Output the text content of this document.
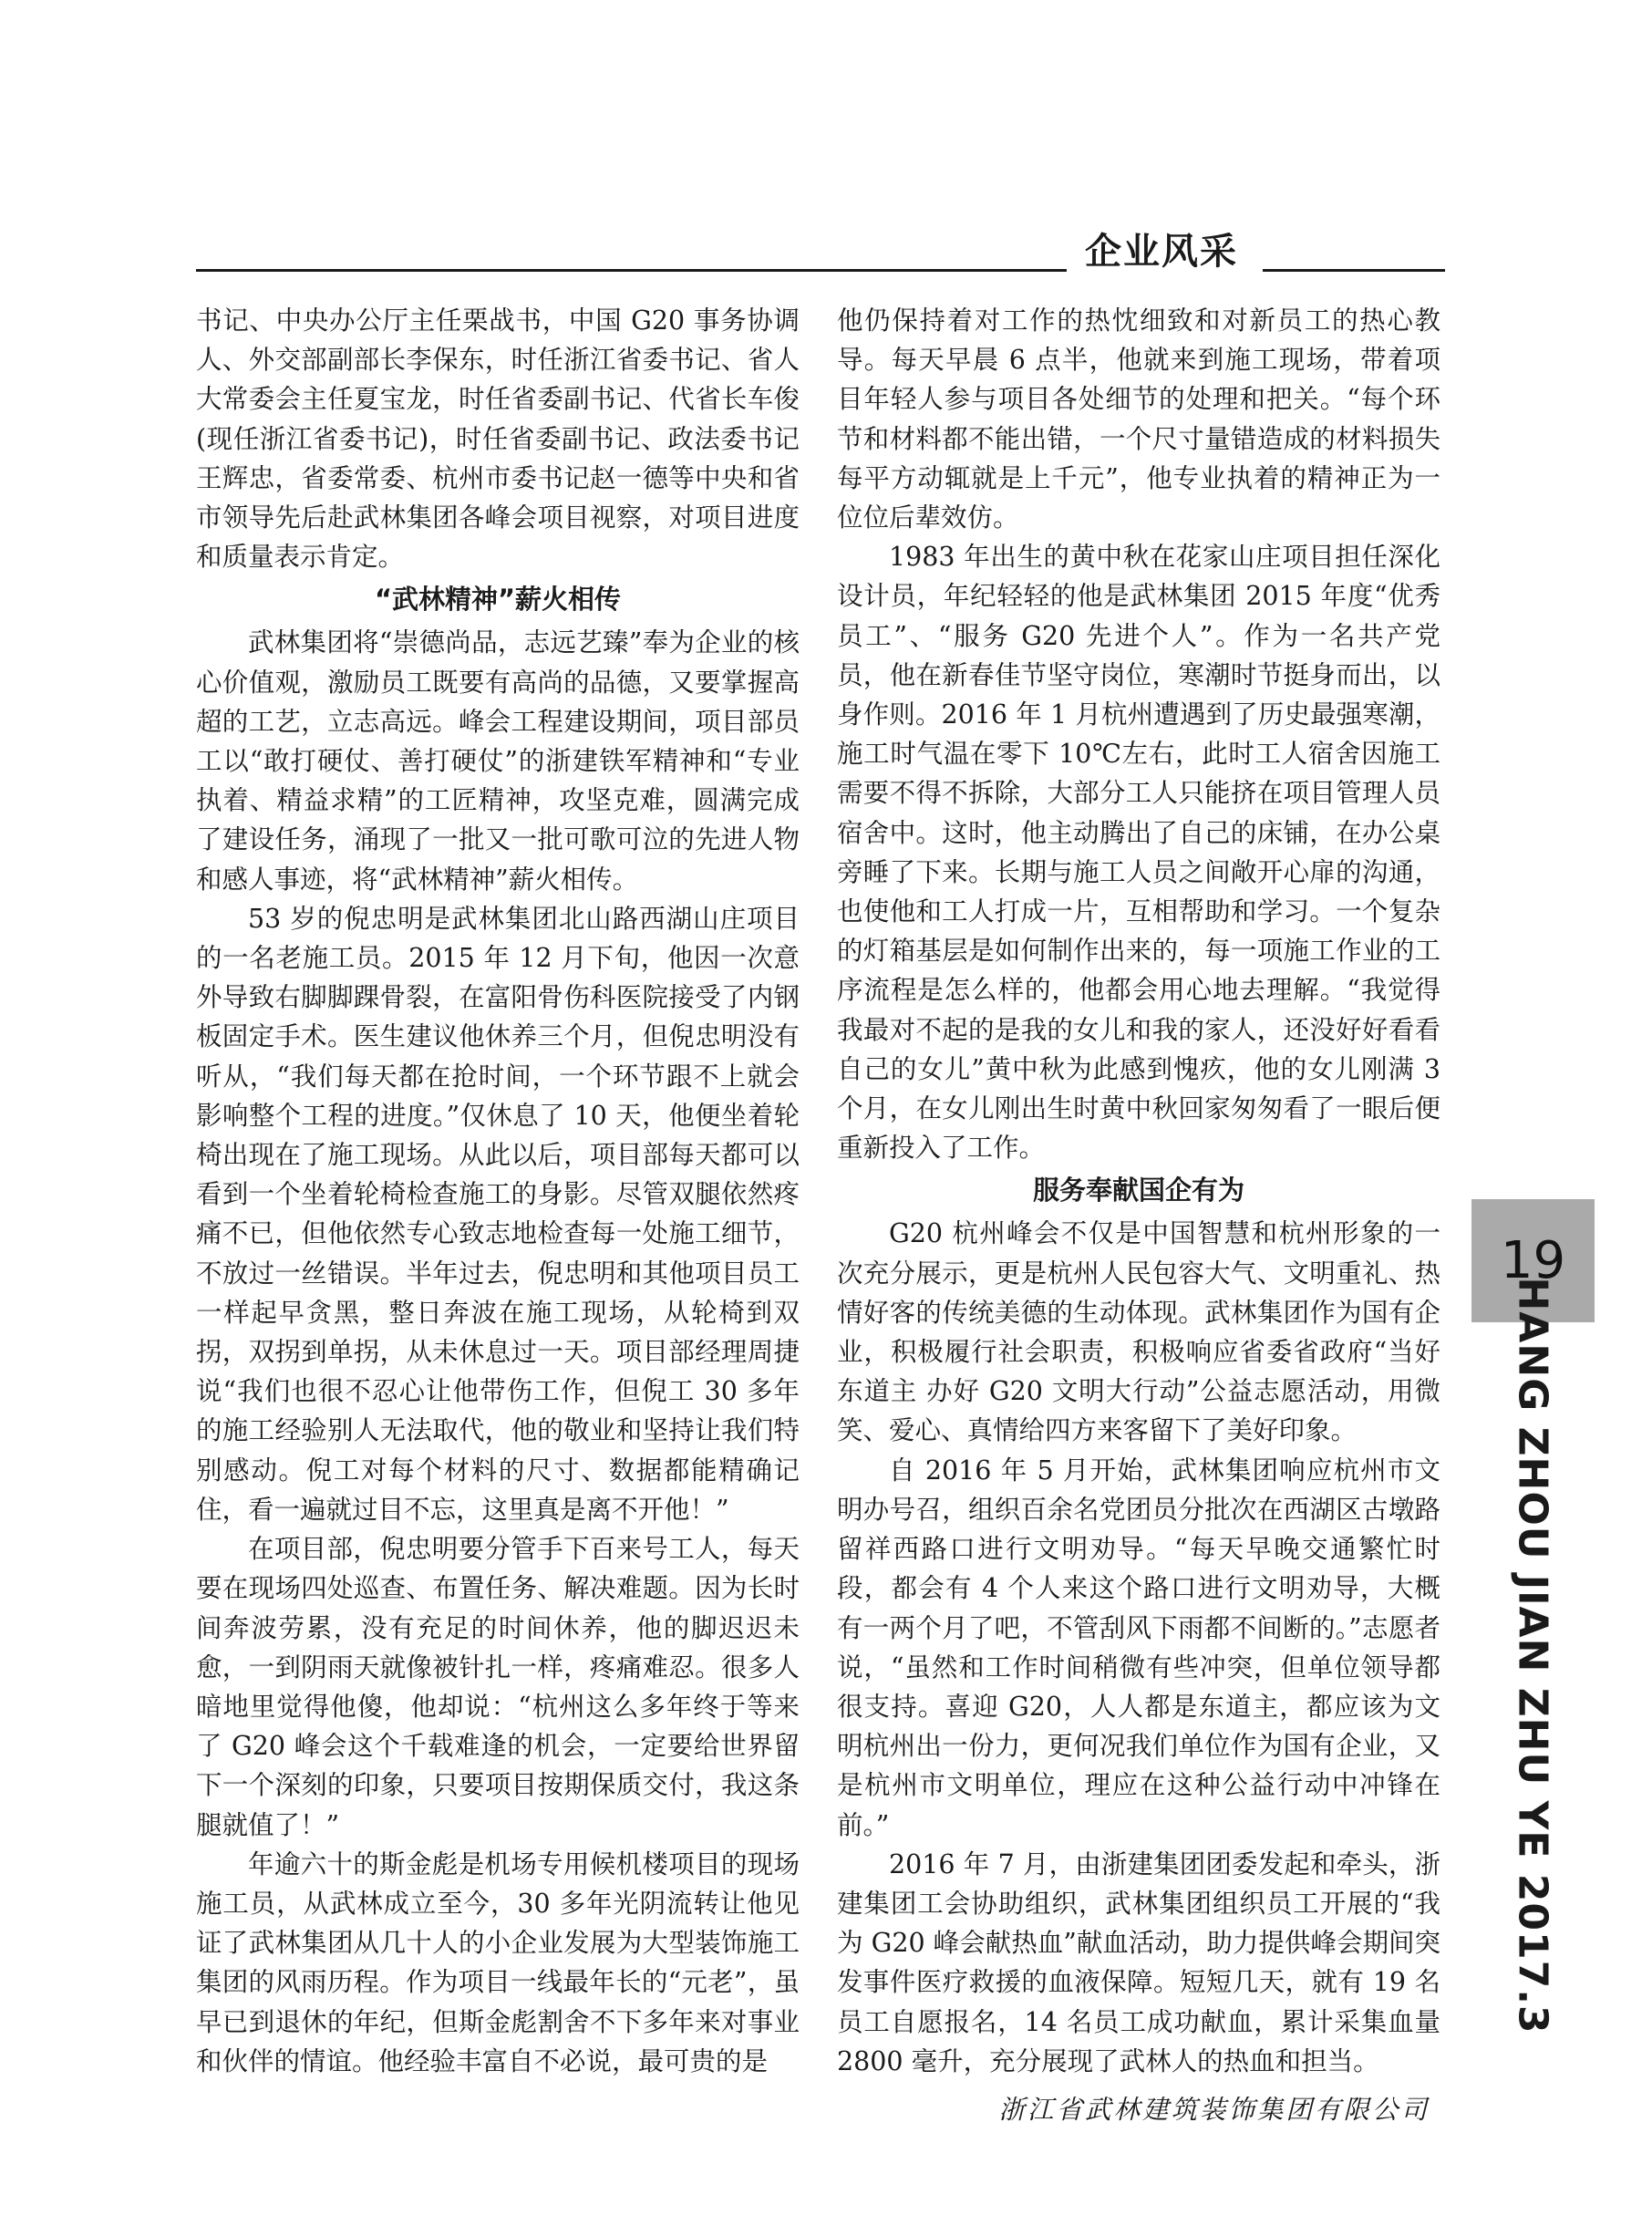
企业风采

书记、中央办公厅主任栗战书，中国 G20 事务协调人、外交部副部长李保东，时任浙江省委书记、省人大常委会主任夏宝龙，时任省委副书记、代省长车俊(现任浙江省委书记)，时任省委副书记、政法委书记王辉忠，省委常委、杭州市委书记赵一德等中央和省市领导先后赴武林集团各峰会项目视察，对项目进度和质量表示肯定。

“武林精神”薪火相传

武林集团将“崇德尚品，志远艺臻”奉为企业的核心价值观，激励员工既要有高尚的品德，又要掌握高超的工艺，立志高远。峰会工程建设期间，项目部员工以“敢打硬仗、善打硬仗”的浙建铁军精神和“专业执着、精益求精”的工匠精神，攻坚克难，圆满完成了建设任务，涌现了一批又一批可歌可泣的先进人物和感人事迹，将“武林精神”薪火相传。

53 岁的倪忠明是武林集团北山路西湖山庄项目的一名老施工员。2015 年 12 月下旬，他因一次意外导致右脚脚踝骨裂，在富阳骨伤科医院接受了内钢板固定手术。医生建议他休养三个月，但倪忠明没有听从，“我们每天都在抢时间，一个环节跟不上就会影响整个工程的进度。”仅休息了 10 天，他便坐着轮椅出现在了施工现场。从此以后，项目部每天都可以看到一个坐着轮椅检查施工的身影。尽管双腿依然疼痛不已，但他依然专心致志地检查每一处施工细节，不放过一丝错误。半年过去，倪忠明和其他项目员工一样起早贪黑，整日奔波在施工现场，从轮椅到双拐，双拐到单拐，从未休息过一天。项目部经理周捷说“我们也很不忍心让他带伤工作，但倪工 30 多年的施工经验别人无法取代，他的敬业和坚持让我们特别感动。倪工对每个材料的尺寸、数据都能精确记住，看一遍就过目不忘，这里真是离不开他！”

在项目部，倪忠明要分管手下百来号工人，每天要在现场四处巡查、布置任务、解决难题。因为长时间奔波劳累，没有充足的时间休养，他的脚迟迟未愈，一到阴雨天就像被针扎一样，疼痛难忍。很多人暗地里觉得他傻，他却说：“杭州这么多年终于等来了 G20 峰会这个千载难逢的机会，一定要给世界留下一个深刻的印象，只要项目按期保质交付，我这条腿就值了！”

年逾六十的斯金彪是机场专用候机楼项目的现场施工员，从武林成立至今，30 多年光阴流转让他见证了武林集团从几十人的小企业发展为大型装饰施工集团的风雨历程。作为项目一线最年长的“元老”，虽早已到退休的年纪，但斯金彪割舍不下多年来对事业和伙伴的情谊。他经验丰富自不必说，最可贵的是

他仍保持着对工作的热忱细致和对新员工的热心教导。每天早晨 6 点半，他就来到施工现场，带着项目年轻人参与项目各处细节的处理和把关。“每个环节和材料都不能出错，一个尺寸量错造成的材料损失每平方动辄就是上千元”，他专业执着的精神正为一位位后辈效仿。

1983 年出生的黄中秋在花家山庄项目担任深化设计员，年纪轻轻的他是武林集团 2015 年度“优秀员工”、“服务 G20 先进个人”。作为一名共产党员，他在新春佳节坚守岗位，寒潮时节挺身而出，以身作则。2016 年 1 月杭州遭遇到了历史最强寒潮，施工时气温在零下 10℃左右，此时工人宿舍因施工需要不得不拆除，大部分工人只能挤在项目管理人员宿舍中。这时，他主动腾出了自己的床铺，在办公桌旁睡了下来。长期与施工人员之间敞开心扉的沟通，也使他和工人打成一片，互相帮助和学习。一个复杂的灯箱基层是如何制作出来的，每一项施工作业的工序流程是怎么样的，他都会用心地去理解。“我觉得我最对不起的是我的女儿和我的家人，还没好好看看自己的女儿”黄中秋为此感到愧疚，他的女儿刚满 3 个月，在女儿刚出生时黄中秋回家匆匆看了一眼后便重新投入了工作。

服务奉献国企有为

G20 杭州峰会不仅是中国智慧和杭州形象的一次充分展示，更是杭州人民包容大气、文明重礼、热情好客的传统美德的生动体现。武林集团作为国有企业，积极履行社会职责，积极响应省委省政府“当好东道主 办好 G20 文明大行动”公益志愿活动，用微笑、爱心、真情给四方来客留下了美好印象。

自 2016 年 5 月开始，武林集团响应杭州市文明办号召，组织百余名党团员分批次在西湖区古墩路留祥西路口进行文明劝导。“每天早晚交通繁忙时段，都会有 4 个人来这个路口进行文明劝导，大概有一两个月了吧，不管刮风下雨都不间断的。”志愿者说，“虽然和工作时间稍微有些冲突，但单位领导都很支持。喜迎 G20，人人都是东道主，都应该为文明杭州出一份力，更何况我们单位作为国有企业，又是杭州市文明单位，理应在这种公益行动中冲锋在前。”

2016 年 7 月，由浙建集团团委发起和牵头，浙建集团工会协助组织，武林集团组织员工开展的“我为 G20 峰会献热血”献血活动，助力提供峰会期间突发事件医疗救援的血液保障。短短几天，就有 19 名员工自愿报名，14 名员工成功献血，累计采集血量 2800 毫升，充分展现了武林人的热血和担当。

浙江省武林建筑装饰集团有限公司

19
HANG ZHOU JIAN ZHU YE 2017.3
